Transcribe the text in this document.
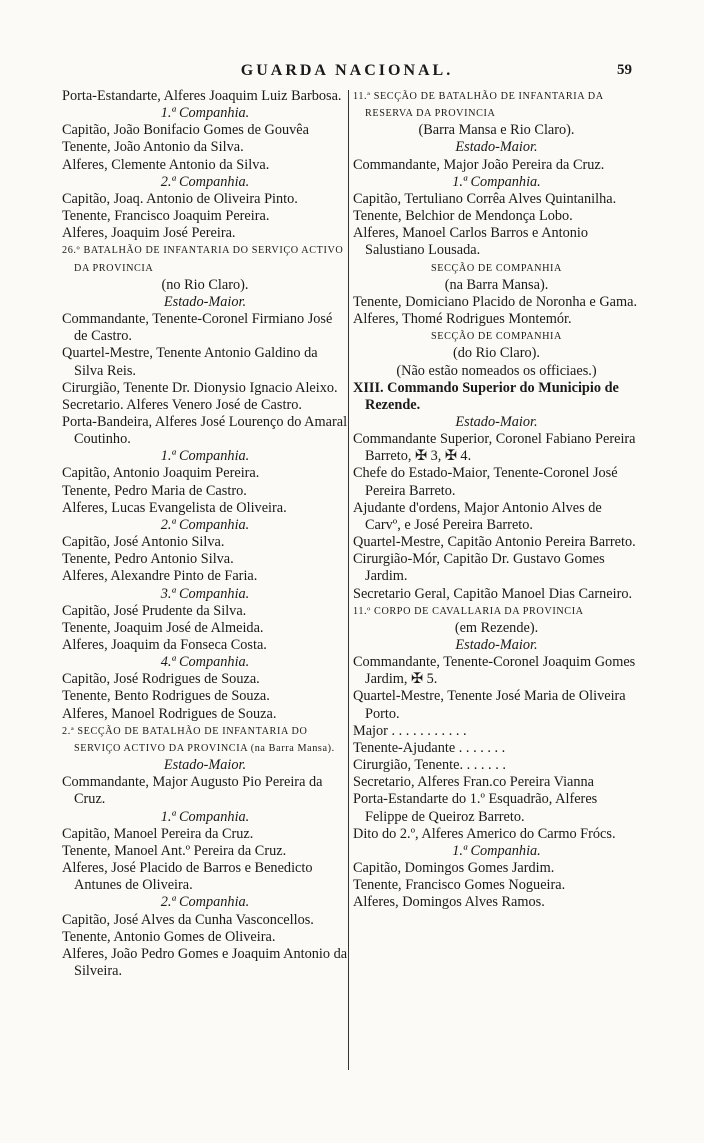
GUARDA NACIONAL.	59
Porta-Estandarte, Alferes Joaquim Luiz Barbosa.
1.ª Companhia.
Capitão, João Bonifacio Gomes de Gouvêa
Tenente, João Antonio da Silva.
Alferes, Clemente Antonio da Silva.
2.ª Companhia.
Capitão, Joaq. Antonio de Oliveira Pinto.
Tenente, Francisco Joaquim Pereira.
Alferes, Joaquim José Pereira.
26.º BATALHÃO DE INFANTARIA DO SERVIÇO ACTIVO DA PROVINCIA
(no Rio Claro).
Estado-Maior.
Commandante, Tenente-Coronel Firmiano José de Castro.
Quartel-Mestre, Tenente Antonio Galdino da Silva Reis.
Cirurgião, Tenente Dr. Dionysio Ignacio Aleixo.
Secretario. Alferes Venero José de Castro.
Porta-Bandeira, Alferes José Lourenço do Amaral Coutinho.
1.ª Companhia.
Capitão, Antonio Joaquim Pereira.
Tenente, Pedro Maria de Castro.
Alferes, Lucas Evangelista de Oliveira.
2.ª Companhia.
Capitão, José Antonio Silva.
Tenente, Pedro Antonio Silva.
Alferes, Alexandre Pinto de Faria.
3.ª Companhia.
Capitão, José Prudente da Silva.
Tenente, Joaquim José de Almeida.
Alferes, Joaquim da Fonseca Costa.
4.ª Companhia.
Capitão, José Rodrigues de Souza.
Tenente, Bento Rodrigues de Souza.
Alferes, Manoel Rodrigues de Souza.
2.ª SECÇÃO DE BATALHÃO DE INFANTARIA DO SERVIÇO ACTIVO DA PROVINCIA (na Barra Mansa).
Estado-Maior.
Commandante, Major Augusto Pio Pereira da Cruz.
1.ª Companhia.
Capitão, Manoel Pereira da Cruz.
Tenente, Manoel Ant.º Pereira da Cruz.
Alferes, José Placido de Barros e Benedicto Antunes de Oliveira.
2.ª Companhia.
Capitão, José Alves da Cunha Vasconcellos.
Tenente, Antonio Gomes de Oliveira.
Alferes, João Pedro Gomes e Joaquim Antonio da Silveira.
11.ª SECÇÃO DE BATALHÃO DE INFANTARIA DA RESERVA DA PROVINCIA
(Barra Mansa e Rio Claro).
Estado-Maior.
Commandante, Major João Pereira da Cruz.
1.ª Companhia.
Capitão, Tertuliano Corrêa Alves Quintanilha.
Tenente, Belchior de Mendonça Lobo.
Alferes, Manoel Carlos Barros e Antonio Salustiano Lousada.
SECÇÃO DE COMPANHIA
(na Barra Mansa).
Tenente, Domiciano Placido de Noronha e Gama.
Alferes, Thomé Rodrigues Montemór.
SECÇÃO DE COMPANHIA
(do Rio Claro).
(Não estão nomeados os officiaes.)
XIII. Commando Superior do Municipio de Rezende.
Estado-Maior.
Commandante Superior, Coronel Fabiano Pereira Barreto, ✠ 3, ✠ 4.
Chefe do Estado-Maior, Tenente-Coronel José Pereira Barreto.
Ajudante d'ordens, Major Antonio Alves de Carvº, e José Pereira Barreto.
Quartel-Mestre, Capitão Antonio Pereira Barreto.
Cirurgião-Mór, Capitão Dr. Gustavo Gomes Jardim.
Secretario Geral, Capitão Manoel Dias Carneiro.
11.º CORPO DE CAVALLARIA DA PROVINCIA
(em Rezende).
Estado-Maior.
Commandante, Tenente-Coronel Joaquim Gomes Jardim, ✠ 5.
Quartel-Mestre, Tenente José Maria de Oliveira Porto.
Major . . . . . . . . . . .
Tenente-Ajudante . . . . . . .
Cirurgião, Tenente. . . . . . .
Secretario, Alferes Fran.co Pereira Vianna
Porta-Estandarte do 1.º Esquadrão, Alferes Felippe de Queiroz Barreto.
Dito do 2.º, Alferes Americo do Carmo Frócs.
1.ª Companhia.
Capitão, Domingos Gomes Jardim.
Tenente, Francisco Gomes Nogueira.
Alferes, Domingos Alves Ramos.
